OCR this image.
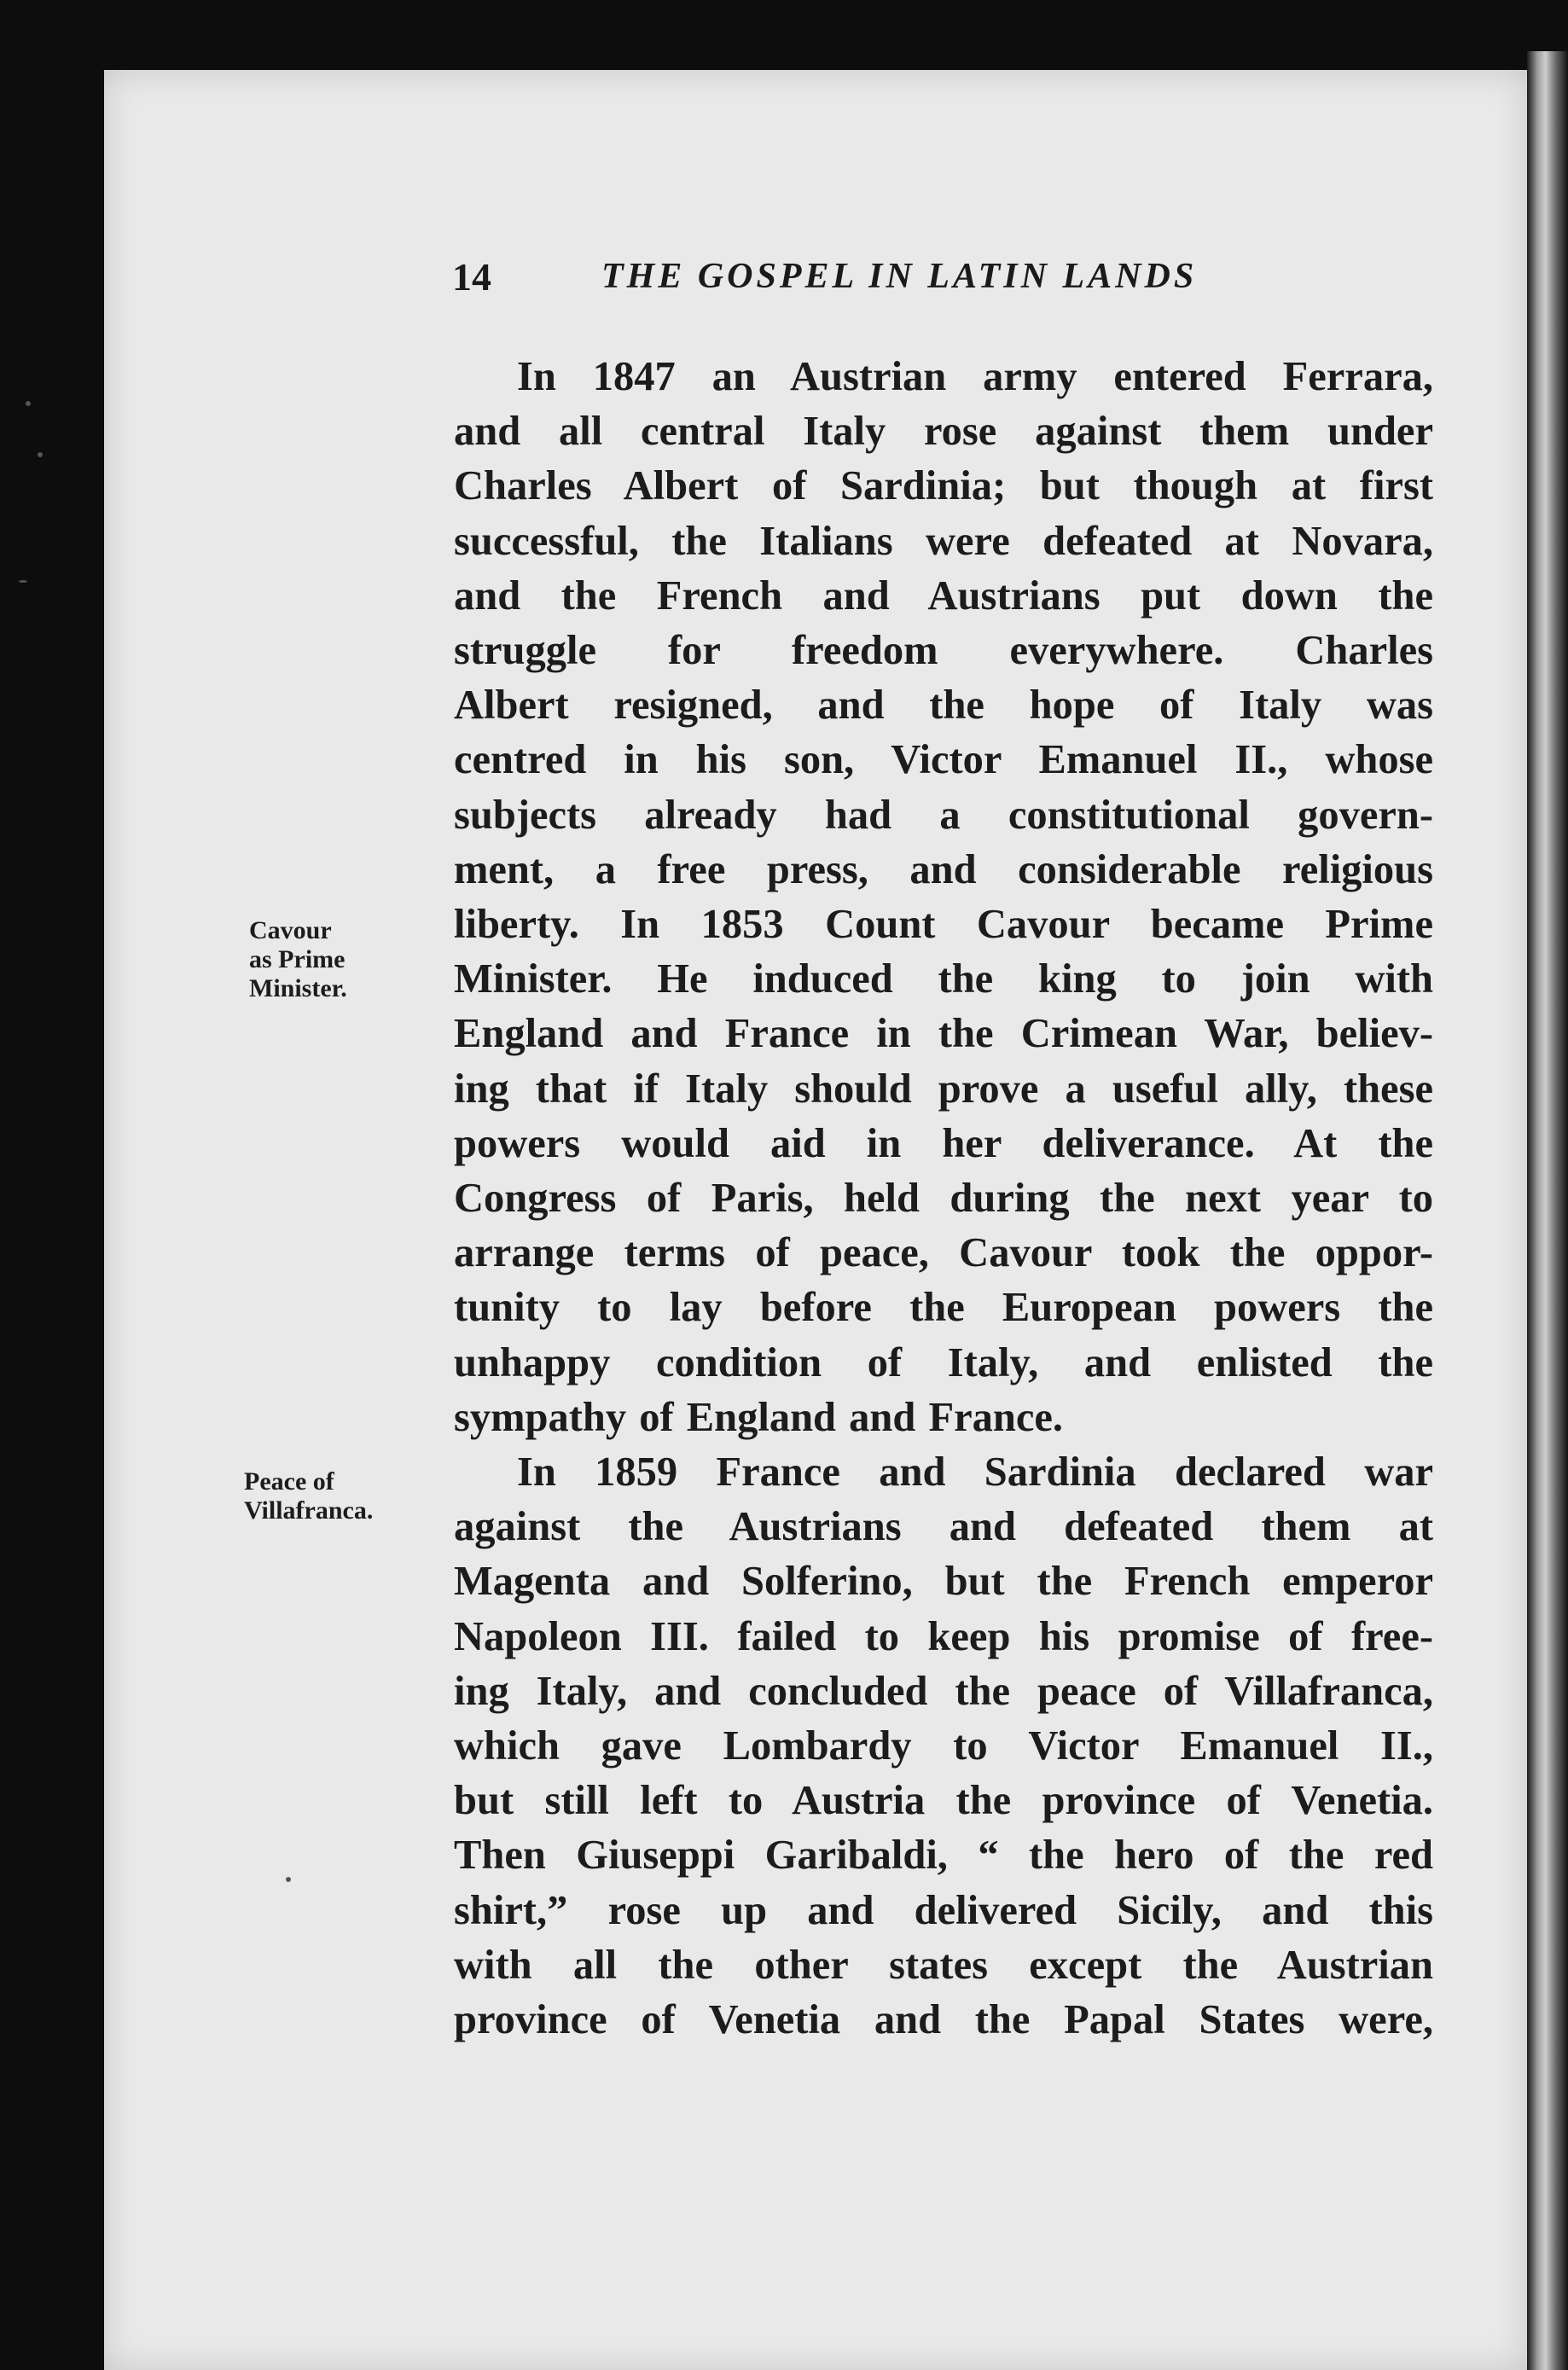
14	THE GOSPEL IN LATIN LANDS
Cavour
as Prime
Minister.
Peace of
Villafranca.
In 1847 an Austrian army entered Ferrara,
and all central Italy rose against them under
Charles Albert of Sardinia; but though at first
successful, the Italians were defeated at Novara,
and the French and Austrians put down the
struggle for freedom everywhere. Charles
Albert resigned, and the hope of Italy was
centred in his son, Victor Emanuel II., whose
subjects already had a constitutional govern-
ment, a free press, and considerable religious
liberty. In 1853 Count Cavour became Prime
Minister. He induced the king to join with
England and France in the Crimean War, believ-
ing that if Italy should prove a useful ally, these
powers would aid in her deliverance. At the
Congress of Paris, held during the next year to
arrange terms of peace, Cavour took the oppor-
tunity to lay before the European powers the
unhappy condition of Italy, and enlisted the
sympathy of England and France.
In 1859 France and Sardinia declared war
against the Austrians and defeated them at
Magenta and Solferino, but the French emperor
Napoleon III. failed to keep his promise of free-
ing Italy, and concluded the peace of Villafranca,
which gave Lombardy to Victor Emanuel II.,
but still left to Austria the province of Venetia.
Then Giuseppi Garibaldi, “ the hero of the red
shirt,” rose up and delivered Sicily, and this
with all the other states except the Austrian
province of Venetia and the Papal States were,
